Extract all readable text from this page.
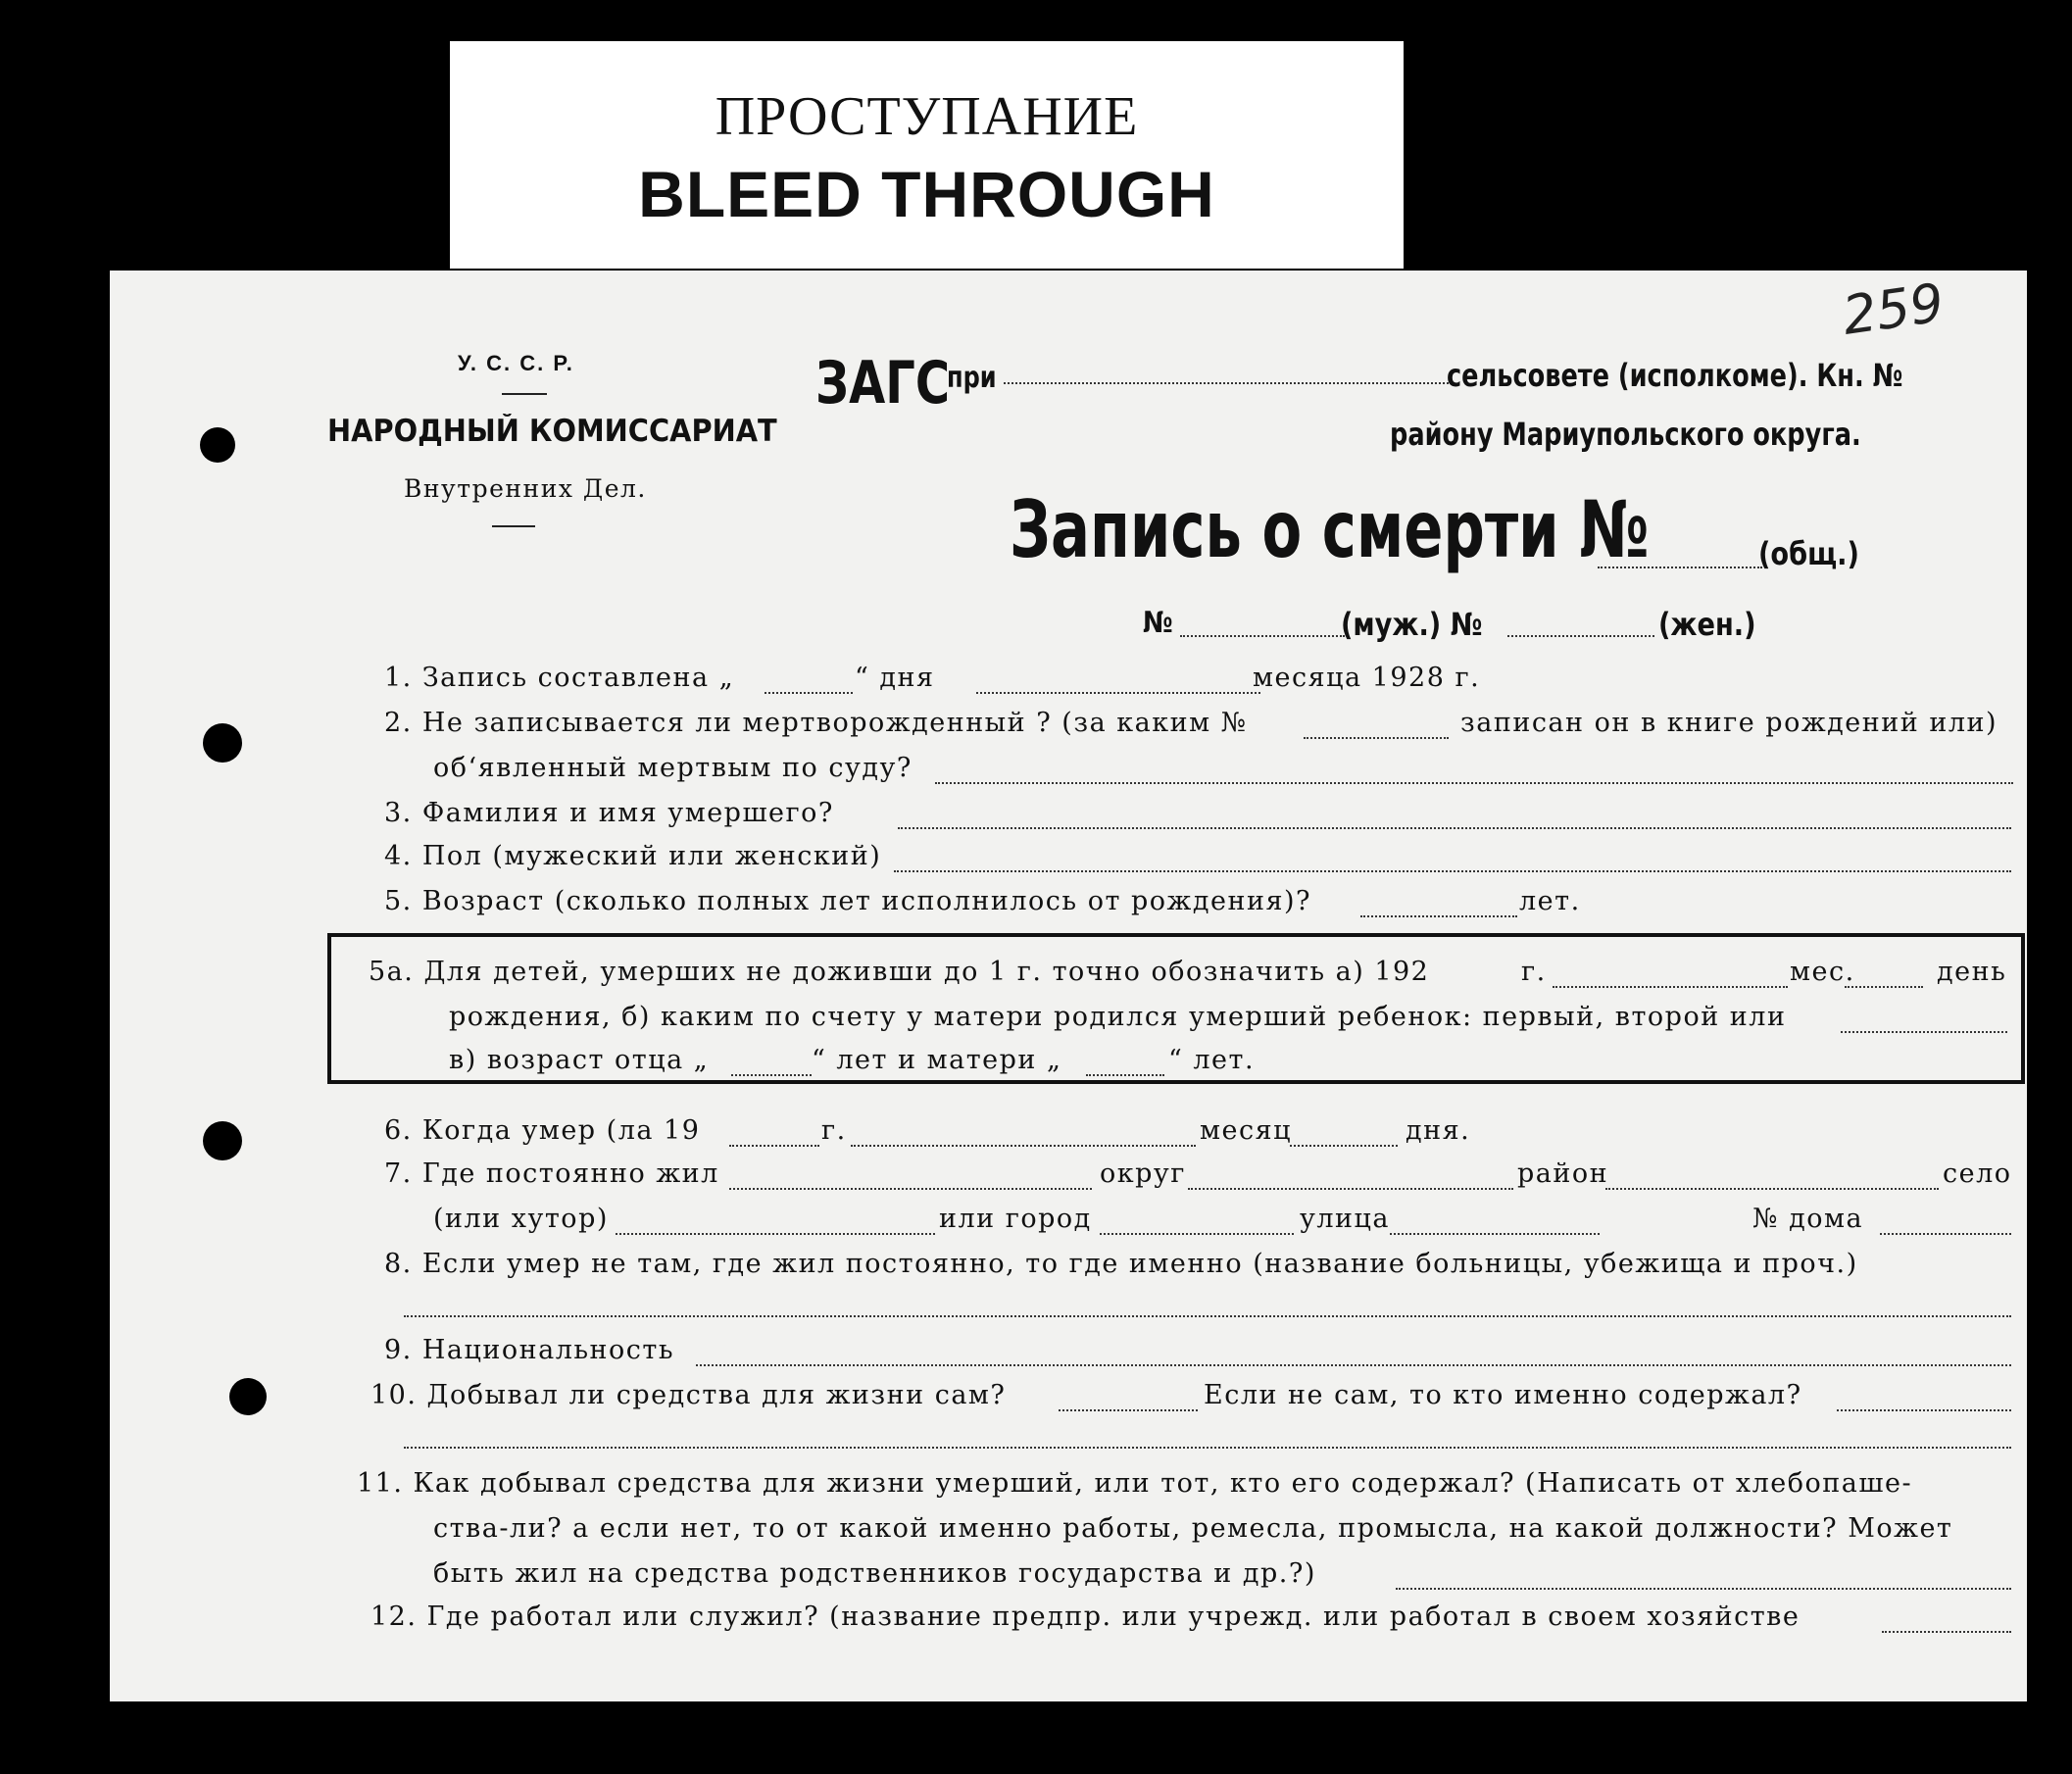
ПРОСТУПАНИЕ
BLEED THROUGH
259
У. С. С. Р.
НАРОДНЫЙ КОМИССАРИАТ
Внутренних Дел.
ЗАГС
при	сельсовете (исполкоме). Кн. №
району Мариупольского округа.
Запись о смерти №	(общ.)
№	(муж.) №	(жен.)
1. Запись составлена „	“ дня	месяца 1928 г.
2. Не записывается ли мертворожденный ? (за каким №	записан он в книге рождений или)
об‘явленный мертвым по суду?
3. Фамилия и имя умершего?
4. Пол (мужеский или женский)
5. Возраст (сколько полных лет исполнилось от рождения)?	лет.
5а. Для детей, умерших не доживши до 1 г. точно обозначить а) 192	г.	мес.	день
рождения, б) каким по счету у матери родился умерший ребенок: первый, второй или
в) возраст отца „	“ лет и матери „	“ лет.
6. Когда умер (ла 19	г.	месяц	дня.
7. Где постоянно жил	округ	район	село
(или хутор)	или город	улица	№ дома
8. Если умер не там, где жил постоянно, то где именно (название больницы, убежища и проч.)
9. Национальность
10. Добывал ли средства для жизни сам?	Если не сам, то кто именно содержал?
11. Как добывал средства для жизни умерший, или тот, кто его содержал? (Написать от хлебопаше-
ства-ли? а если нет, то от какой именно работы, ремесла, промысла, на какой должности? Может
быть жил на средства родственников государства и др.?)
12. Где работал или служил? (название предпр. или учрежд. или работал в своем хозяйстве
